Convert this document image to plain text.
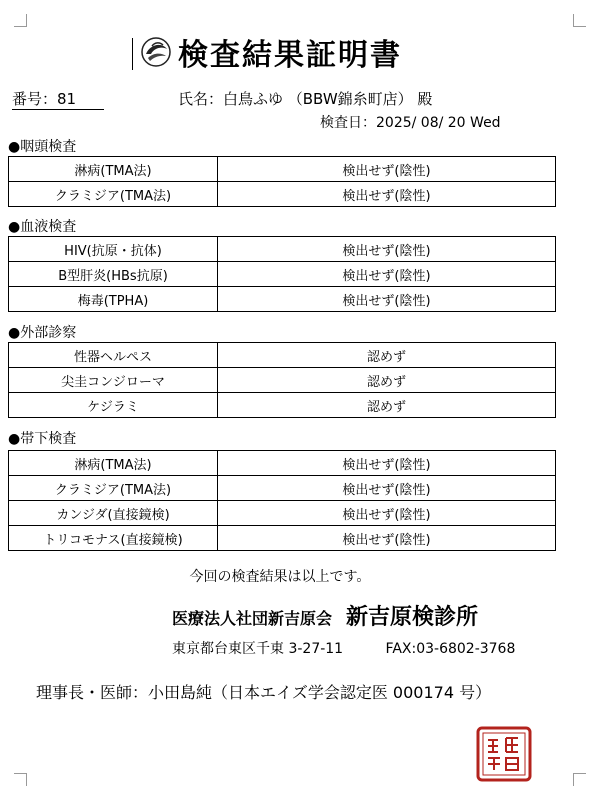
検査結果証明書
番号：81	氏名：白鳥ふゆ （BBW錦糸町店） 殿
検査日：2025/ 08/ 20 Wed
●咽頭検査
淋病(TMA法)	検出せず(陰性)
クラミジア(TMA法)	検出せず(陰性)
●血液検査
HIV(抗原・抗体)	検出せず(陰性)
B型肝炎(HBs抗原)	検出せず(陰性)
梅毒(TPHA)	検出せず(陰性)
●外部診察
性器ヘルペス	認めず
尖圭コンジローマ	認めず
ケジラミ	認めず
●帯下検査
淋病(TMA法)	検出せず(陰性)
クラミジア(TMA法)	検出せず(陰性)
カンジダ(直接鏡検)	検出せず(陰性)
トリコモナス(直接鏡検)	検出せず(陰性)
今回の検査結果は以上です。
医療法人社団新吉原会 新吉原検診所
東京都台東区千東 3-27-11	FAX:03-6802-3768
理事長・医師：小田島純（日本エイズ学会認定医 000174 号）
